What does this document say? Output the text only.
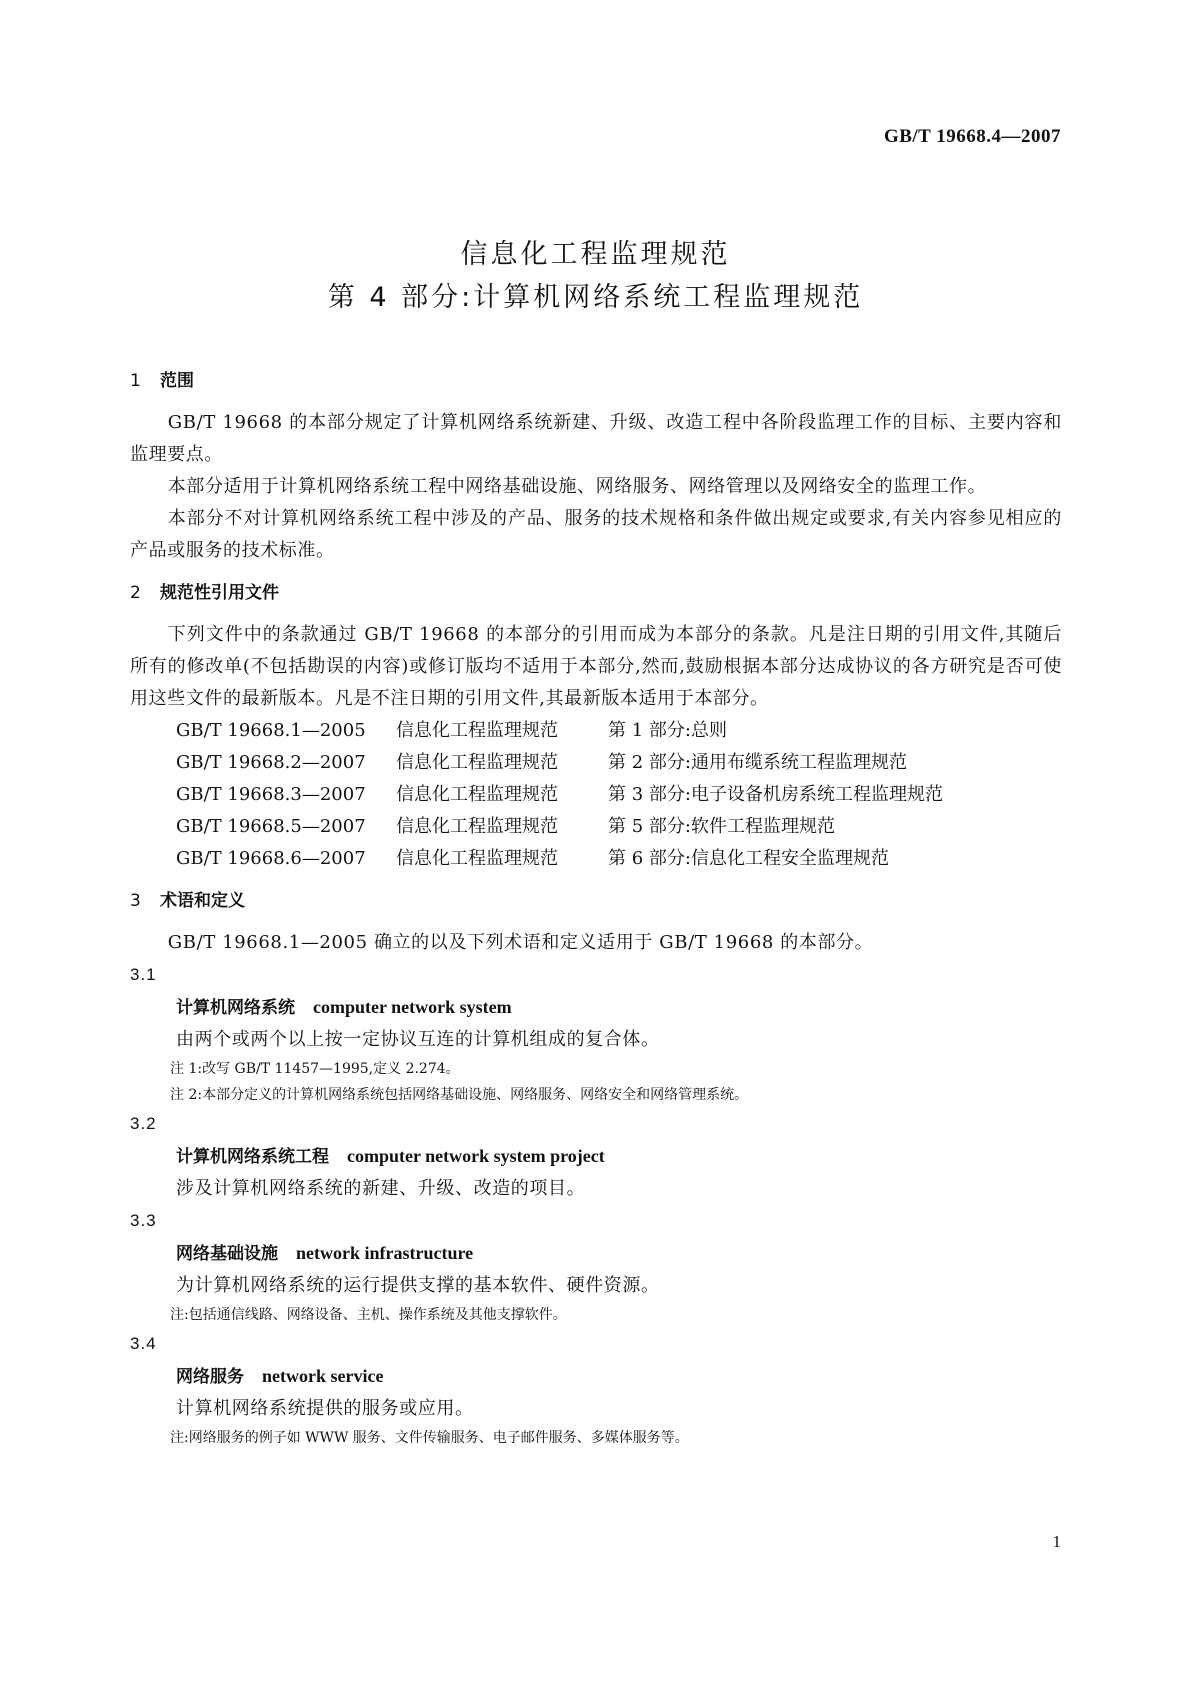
GB/T 19668.4—2007
信息化工程监理规范
第 4 部分:计算机网络系统工程监理规范
1 范围

GB/T 19668 的本部分规定了计算机网络系统新建、升级、改造工程中各阶段监理工作的目标、主要内容和监理要点。

本部分适用于计算机网络系统工程中网络基础设施、网络服务、网络管理以及网络安全的监理工作。

本部分不对计算机网络系统工程中涉及的产品、服务的技术规格和条件做出规定或要求,有关内容参见相应的产品或服务的技术标准。

2 规范性引用文件

下列文件中的条款通过 GB/T 19668 的本部分的引用而成为本部分的条款。凡是注日期的引用文件,其随后所有的修改单(不包括勘误的内容)或修订版均不适用于本部分,然而,鼓励根据本部分达成协议的各方研究是否可使用这些文件的最新版本。凡是不注日期的引用文件,其最新版本适用于本部分。

GB/T 19668.1—2005 信息化工程监理规范	第 1 部分:总则
GB/T 19668.2—2007 信息化工程监理规范	第 2 部分:通用布缆系统工程监理规范
GB/T 19668.3—2007 信息化工程监理规范	第 3 部分:电子设备机房系统工程监理规范
GB/T 19668.5—2007 信息化工程监理规范	第 5 部分:软件工程监理规范
GB/T 19668.6—2007 信息化工程监理规范	第 6 部分:信息化工程安全监理规范
3 术语和定义

GB/T 19668.1—2005 确立的以及下列术语和定义适用于 GB/T 19668 的本部分。

3.1

计算机网络系统 computer network system

由两个或两个以上按一定协议互连的计算机组成的复合体。

注 1:改写 GB/T 11457—1995,定义 2.274。

注 2:本部分定义的计算机网络系统包括网络基础设施、网络服务、网络安全和网络管理系统。

3.2

计算机网络系统工程 computer network system project

涉及计算机网络系统的新建、升级、改造的项目。

3.3

网络基础设施 network infrastructure

为计算机网络系统的运行提供支撑的基本软件、硬件资源。

注:包括通信线路、网络设备、主机、操作系统及其他支撑软件。

3.4

网络服务 network service

计算机网络系统提供的服务或应用。

注:网络服务的例子如 WWW 服务、文件传输服务、电子邮件服务、多媒体服务等。

1
